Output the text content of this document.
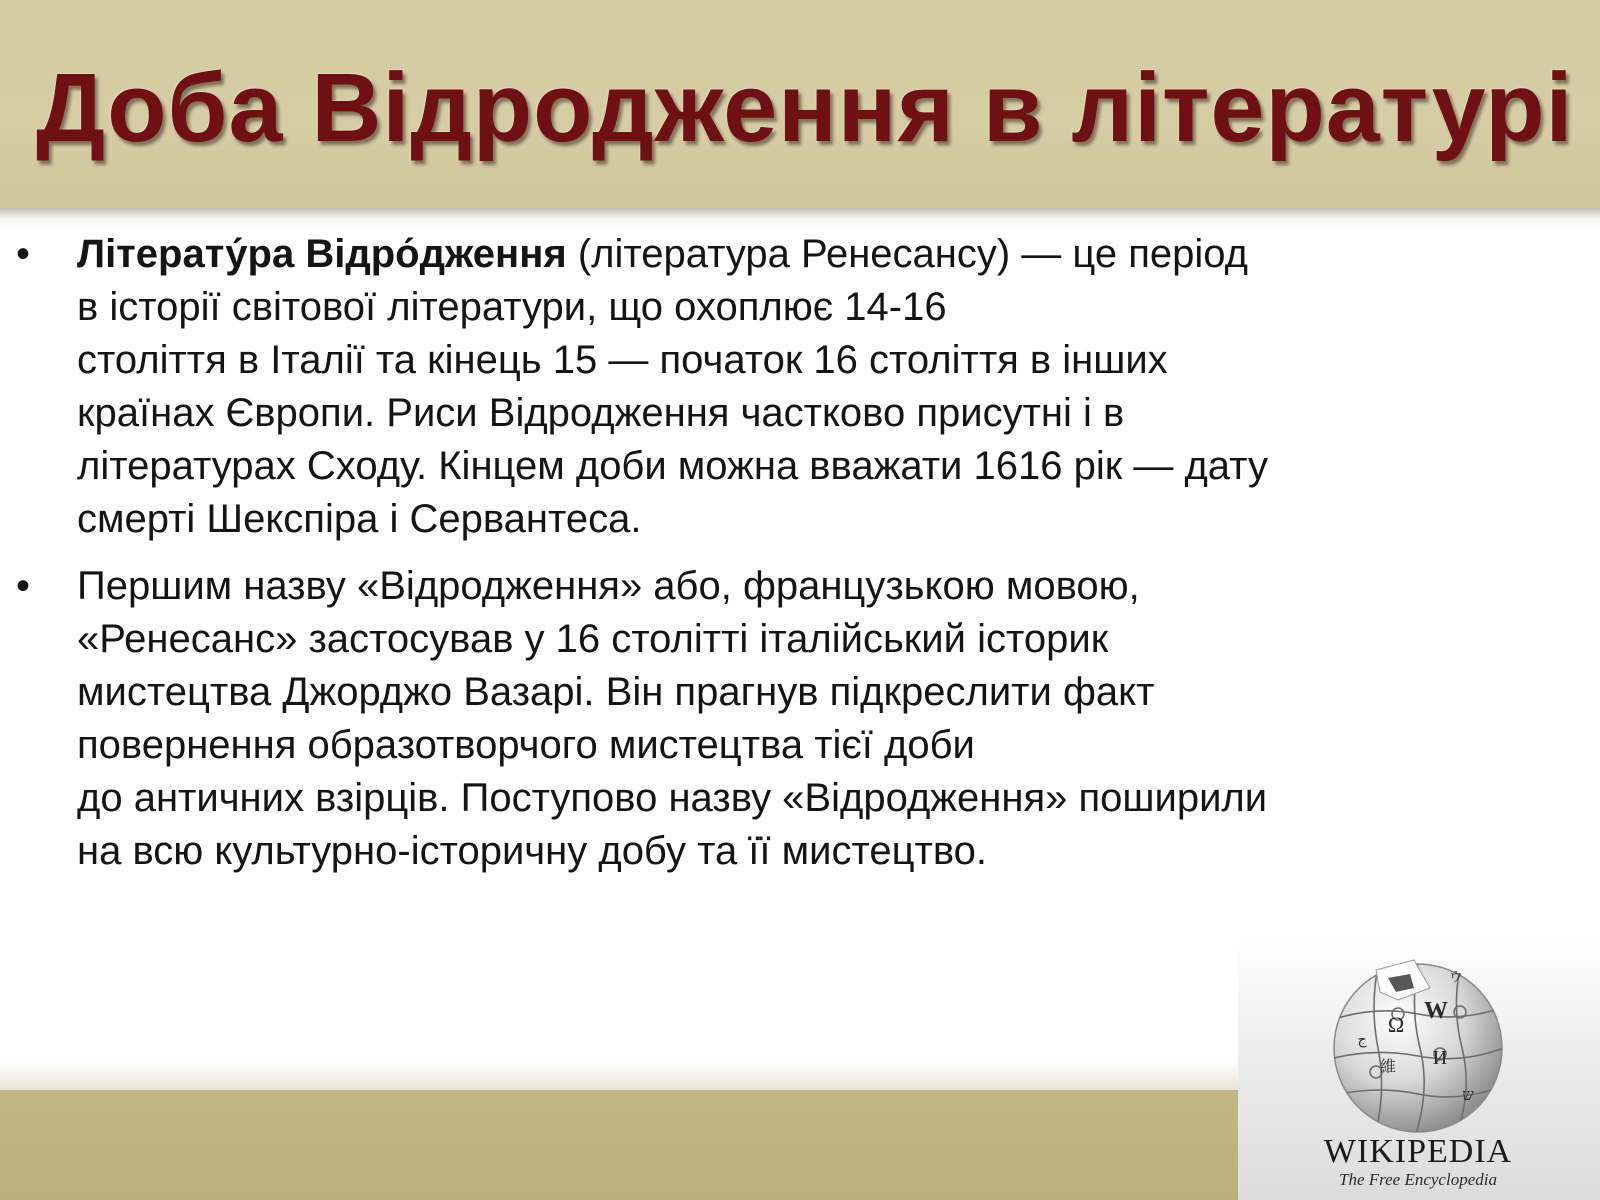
Доба Відродження в літературі
• Літерату́ра Відро́дження (література Ренесансу) — це період
в історії світової літератури, що охоплює 14-16
століття в Італії та кінець 15 — початок 16 століття в інших
країнах Європи. Риси Відродження частково присутні і в
літературах Сходу. Кінцем доби можна вважати 1616 рік — дату
смерті Шекспіра і Сервантеса.
• Першим назву «Відродження» або, французькою мовою,
«Ренесанс» застосував у 16 столітті італійський історик
мистецтва Джорджо Вазарі. Він прагнув підкреслити факт
повернення образотворчого мистецтва тієї доби
до античних взірців. Поступово назву «Відродження» поширили
на всю культурно-історичну добу та її мистецтво.
Ω
W
И
維
ウ
ש
ج
WIKIPEDIA
The Free Encyclopedia
